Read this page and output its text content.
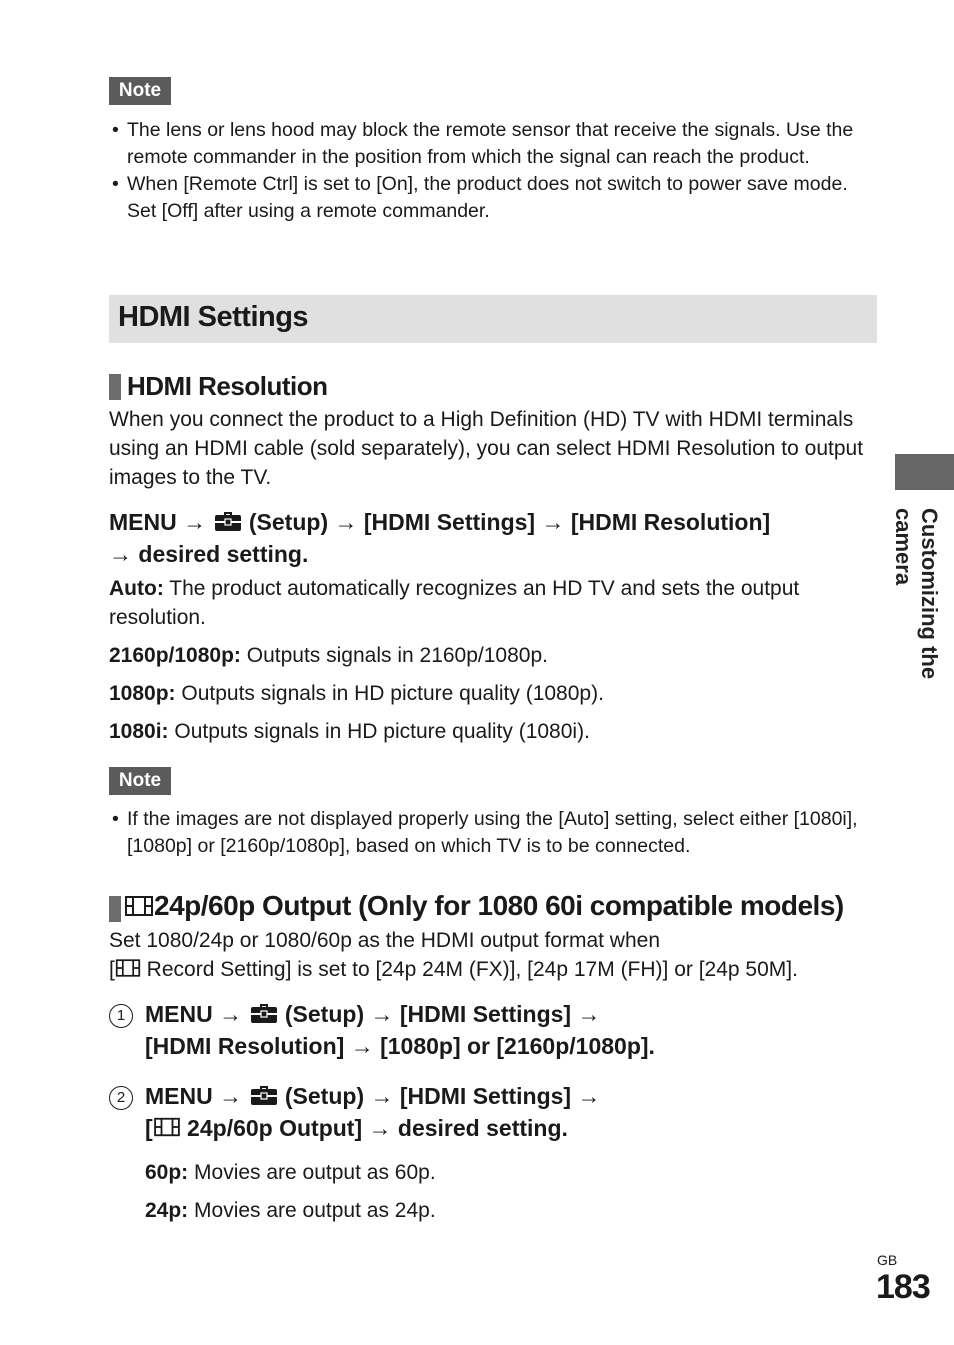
Note
• The lens or lens hood may block the remote sensor that receive the signals. Use the remote commander in the position from which the signal can reach the product.
• When [Remote Ctrl] is set to [On], the product does not switch to power save mode. Set [Off] after using a remote commander.
HDMI Settings
HDMI Resolution
When you connect the product to a High Definition (HD) TV with HDMI terminals using an HDMI cable (sold separately), you can select HDMI Resolution to output images to the TV.
MENU →  (Setup) → [HDMI Settings] → [HDMI Resolution]
→ desired setting.
Auto: The product automatically recognizes an HD TV and sets the output resolution.
2160p/1080p: Outputs signals in 2160p/1080p.
1080p: Outputs signals in HD picture quality (1080p).
1080i: Outputs signals in HD picture quality (1080i).
Note
• If the images are not displayed properly using the [Auto] setting, select either [1080i], [1080p] or [2160p/1080p], based on which TV is to be connected.
24p/60p Output (Only for 1080 60i compatible models)
Set 1080/24p or 1080/60p as the HDMI output format when
[ Record Setting] is set to [24p 24M (FX)], [24p 17M (FH)] or [24p 50M].
1 MENU →  (Setup) → [HDMI Settings] →
[HDMI Resolution] → [1080p] or [2160p/1080p].
2 MENU →  (Setup) → [HDMI Settings] →
[ 24p/60p Output] → desired setting.
60p: Movies are output as 60p.
24p: Movies are output as 24p.
Customizing the camera
GB
183
